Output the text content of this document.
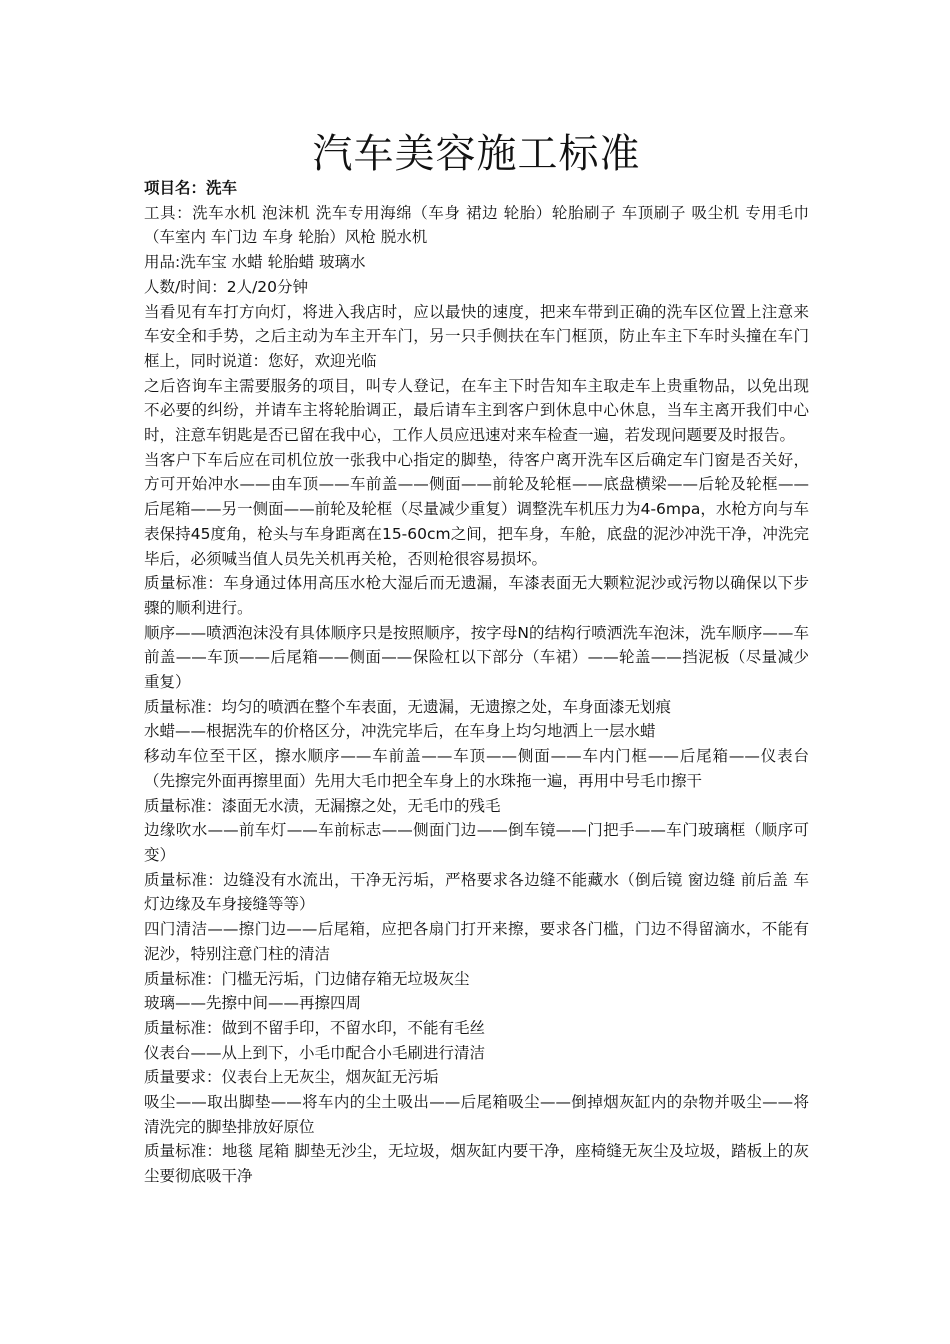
汽车美容施工标准

项目名：洗车

工具：洗车水机 泡沫机 洗车专用海绵（车身 裙边 轮胎）轮胎刷子 车顶刷子 吸尘机 专用毛巾（车室内 车门边 车身 轮胎）风枪 脱水机

用品:洗车宝 水蜡 轮胎蜡 玻璃水

人数/时间：2人/20分钟

当看见有车打方向灯，将进入我店时，应以最快的速度，把来车带到正确的洗车区位置上注意来车安全和手势，之后主动为车主开车门，另一只手侧扶在车门框顶，防止车主下车时头撞在车门框上，同时说道：您好，欢迎光临

之后咨询车主需要服务的项目，叫专人登记，在车主下时告知车主取走车上贵重物品，以免出现不必要的纠纷，并请车主将轮胎调正，最后请车主到客户到休息中心休息，当车主离开我们中心时，注意车钥匙是否已留在我中心，工作人员应迅速对来车检查一遍，若发现问题要及时报告。

当客户下车后应在司机位放一张我中心指定的脚垫，待客户离开洗车区后确定车门窗是否关好，方可开始冲水——由车顶——车前盖——侧面——前轮及轮框——底盘横梁——后轮及轮框——后尾箱——另一侧面——前轮及轮框（尽量减少重复）调整洗车机压力为4-6mpa，水枪方向与车表保持45度角，枪头与车身距离在15-60cm之间，把车身，车舱，底盘的泥沙冲洗干净，冲洗完毕后，必须喊当值人员先关机再关枪，否则枪很容易损坏。

质量标准：车身通过体用高压水枪大湿后而无遗漏，车漆表面无大颗粒泥沙或污物以确保以下步骤的顺利进行。

顺序——喷洒泡沫没有具体顺序只是按照顺序，按字母N的结构行喷洒洗车泡沫，洗车顺序——车前盖——车顶——后尾箱——侧面——保险杠以下部分（车裙）——轮盖——挡泥板（尽量减少重复）

质量标准：均匀的喷洒在整个车表面，无遗漏，无遗擦之处，车身面漆无划痕

水蜡——根据洗车的价格区分，冲洗完毕后，在车身上均匀地洒上一层水蜡

移动车位至干区，擦水顺序——车前盖——车顶——侧面——车内门框——后尾箱——仪表台（先擦完外面再擦里面）先用大毛巾把全车身上的水珠拖一遍，再用中号毛巾擦干

质量标准：漆面无水渍，无漏擦之处，无毛巾的残毛

边缘吹水——前车灯——车前标志——侧面门边——倒车镜——门把手——车门玻璃框（顺序可变）

质量标准：边缝没有水流出，干净无污垢，严格要求各边缝不能藏水（倒后镜 窗边缝 前后盖 车灯边缘及车身接缝等等）

四门清洁——擦门边——后尾箱，应把各扇门打开来擦，要求各门槛，门边不得留滴水，不能有泥沙，特别注意门柱的清洁

质量标准：门槛无污垢，门边储存箱无垃圾灰尘

玻璃——先擦中间——再擦四周

质量标准：做到不留手印，不留水印，不能有毛丝

仪表台——从上到下，小毛巾配合小毛刷进行清洁

质量要求：仪表台上无灰尘，烟灰缸无污垢

吸尘——取出脚垫——将车内的尘土吸出——后尾箱吸尘——倒掉烟灰缸内的杂物并吸尘——将清洗完的脚垫排放好原位

质量标准：地毯 尾箱 脚垫无沙尘，无垃圾，烟灰缸内要干净，座椅缝无灰尘及垃圾，踏板上的灰尘要彻底吸干净
